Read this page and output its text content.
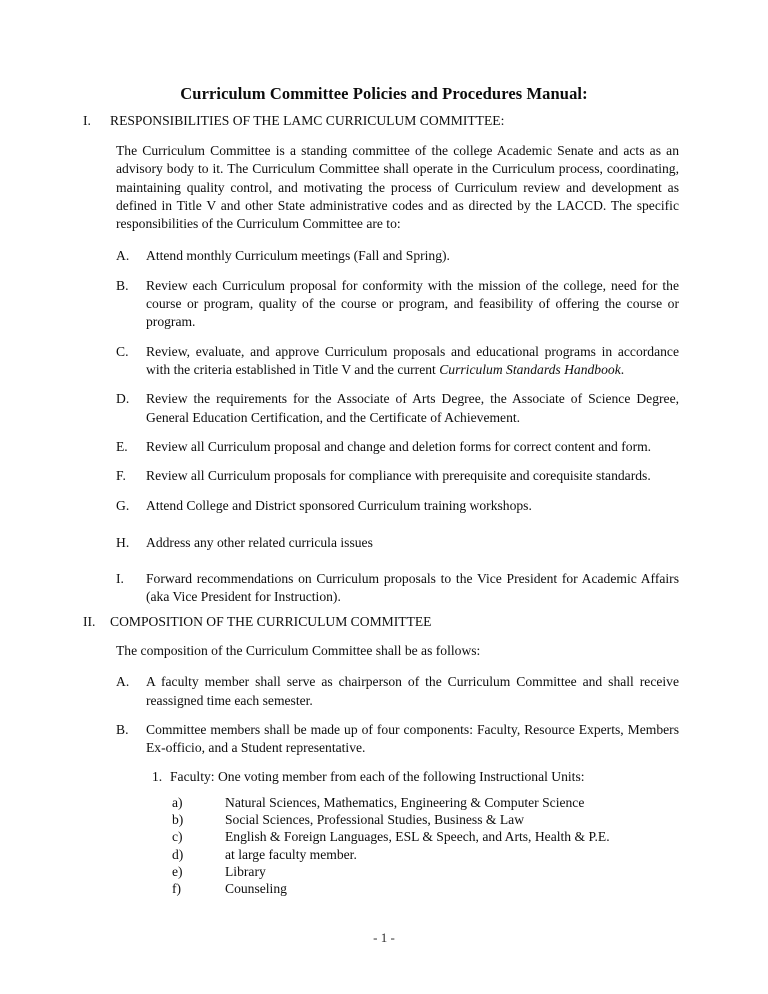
Curriculum Committee Policies and Procedures Manual:
I. RESPONSIBILITIES OF THE LAMC CURRICULUM COMMITTEE:
The Curriculum Committee is a standing committee of the college Academic Senate and acts as an advisory body to it. The Curriculum Committee shall operate in the Curriculum process, coordinating, maintaining quality control, and motivating the process of Curriculum review and development as defined in Title V and other State administrative codes and as directed by the LACCD. The specific responsibilities of the Curriculum Committee are to:
A. Attend monthly Curriculum meetings (Fall and Spring).
B. Review each Curriculum proposal for conformity with the mission of the college, need for the course or program, quality of the course or program, and feasibility of offering the course or program.
C. Review, evaluate, and approve Curriculum proposals and educational programs in accordance with the criteria established in Title V and the current Curriculum Standards Handbook.
D. Review the requirements for the Associate of Arts Degree, the Associate of Science Degree, General Education Certification, and the Certificate of Achievement.
E. Review all Curriculum proposal and change and deletion forms for correct content and form.
F. Review all Curriculum proposals for compliance with prerequisite and corequisite standards.
G. Attend College and District sponsored Curriculum training workshops.
H. Address any other related curricula issues
I. Forward recommendations on Curriculum proposals to the Vice President for Academic Affairs (aka Vice President for Instruction).
II. COMPOSITION OF THE CURRICULUM COMMITTEE
The composition of the Curriculum Committee shall be as follows:
A. A faculty member shall serve as chairperson of the Curriculum Committee and shall receive reassigned time each semester.
B. Committee members shall be made up of four components: Faculty, Resource Experts, Members Ex-officio, and a Student representative.
1. Faculty: One voting member from each of the following Instructional Units:
a)	Natural Sciences, Mathematics, Engineering & Computer Science
b)	Social Sciences, Professional Studies, Business & Law
c)	English & Foreign Languages, ESL & Speech, and Arts, Health & P.E.
d)	at large faculty member.
e)	Library
f)	Counseling
- 1 -
